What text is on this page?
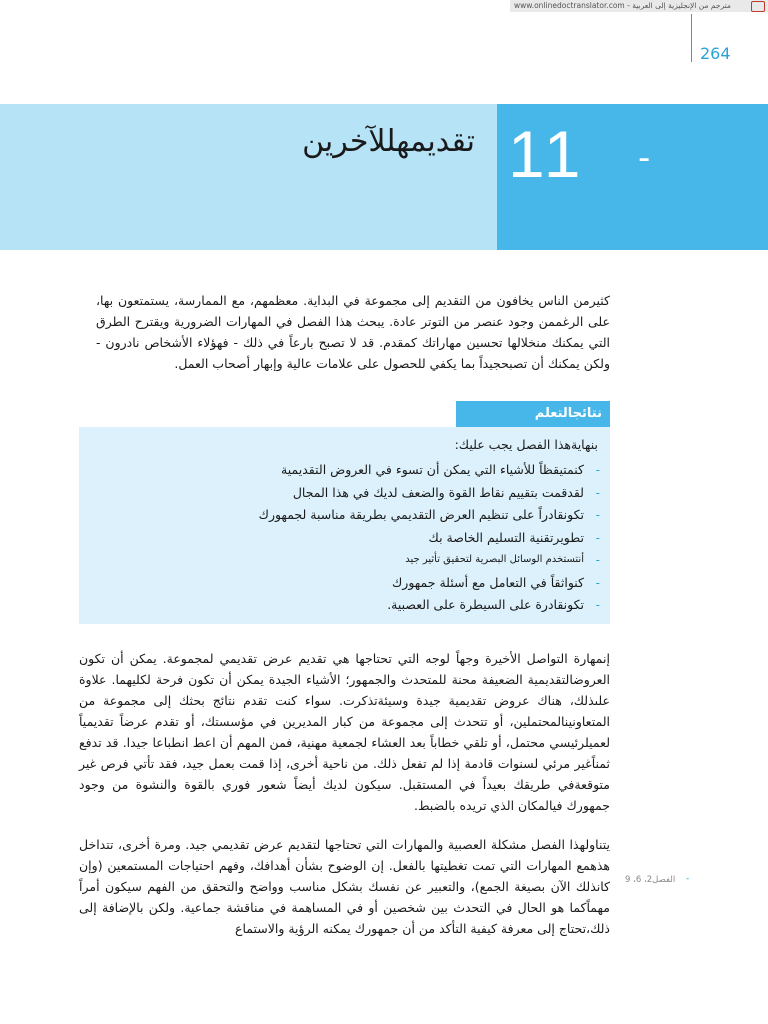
www.onlinedoctranslator.com - مترجم من الإنجليزية إلى العربية
264
11 -
تقديمهللآخرين

كثيرمن الناس يخافون من التقديم إلى مجموعة في البداية. معظمهم، مع الممارسة، يستمتعون بها، على الرغممن وجود عنصر من التوتر عادة. يبحث هذا الفصل في المهارات الضرورية ويقترح الطرق التي يمكنك منخلالها تحسين مهاراتك كمقدم. قد لا تصبح بارعاً في ذلك - فهؤلاء الأشخاص نادرون - ولكن يمكنك أن تصبحجيداً بما يكفي للحصول على علامات عالية وإبهار أصحاب العمل.

نتائجالتعلم
بنهايةهذا الفصل يجب عليك:
-
كنمتيقظاً للأشياء التي يمكن أن تسوء في العروض التقديمية
-
لقدقمت بتقييم نقاط القوة والضعف لديك في هذا المجال
-
تكونقادراً على تنظيم العرض التقديمي بطريقة مناسبة لجمهورك
-
تطويرتقنية التسليم الخاصة بك
-
أنتستخدم الوسائل البصرية لتحقيق تأثير جيد
-
كنواثقاً في التعامل مع أسئلة جمهورك
-
تكونقادرة على السيطرة على العصبية.

إنمهارة التواصل الأخيرة وجهاً لوجه التي تحتاجها هي تقديم عرض تقديمي لمجموعة. يمكن أن تكون العروضالتقديمية الضعيفة محنة للمتحدث والجمهور؛ الأشياء الجيدة يمكن أن تكون فرحة لكليهما. علاوة علىذلك، هناك عروض تقديمية جيدة وسيئةتذكرت. سواء كنت تقدم نتائج بحثك إلى مجموعة من المتعاونينالمحتملين، أو تتحدث إلى مجموعة من كبار المديرين في مؤسستك، أو تقدم عرضاً تقديمياً لعميلرئيسي محتمل، أو تلقي خطاباً بعد العشاء لجمعية مهنية، فمن المهم أن اعط انطباعا جيدا. قد تدفع ثمناًغير مرئي لسنوات قادمة إذا لم تفعل ذلك. من ناحية أخرى، إذا قمت بعمل جيد، فقد تأتي فرص غير متوقعةفي طريقك بعيداً في المستقبل. سيكون لديك أيضاً شعور فوري بالقوة والنشوة من وجود جمهورك فيالمكان الذي تريده بالضبط.

يتناولهذا الفصل مشكلة العصبية والمهارات التي تحتاجها لتقديم عرض تقديمي جيد. ومرة أخرى، تتداخل هذهمع المهارات التي تمت تغطيتها بالفعل. إن الوضوح بشأن أهدافك، وفهم احتياجات المستمعين (وإن كانذلك الآن بصيغة الجمع)، والتعبير عن نفسك بشكل مناسب وواضح والتحقق من الفهم سيكون أمراً مهماًكما هو الحال في التحدث بين شخصين أو في المساهمة في مناقشة جماعية. ولكن بالإضافة إلى ذلك،تحتاج إلى معرفة كيفية التأكد من أن جمهورك يمكنه الرؤية والاستماع

الفصل2، 6، 9 -
